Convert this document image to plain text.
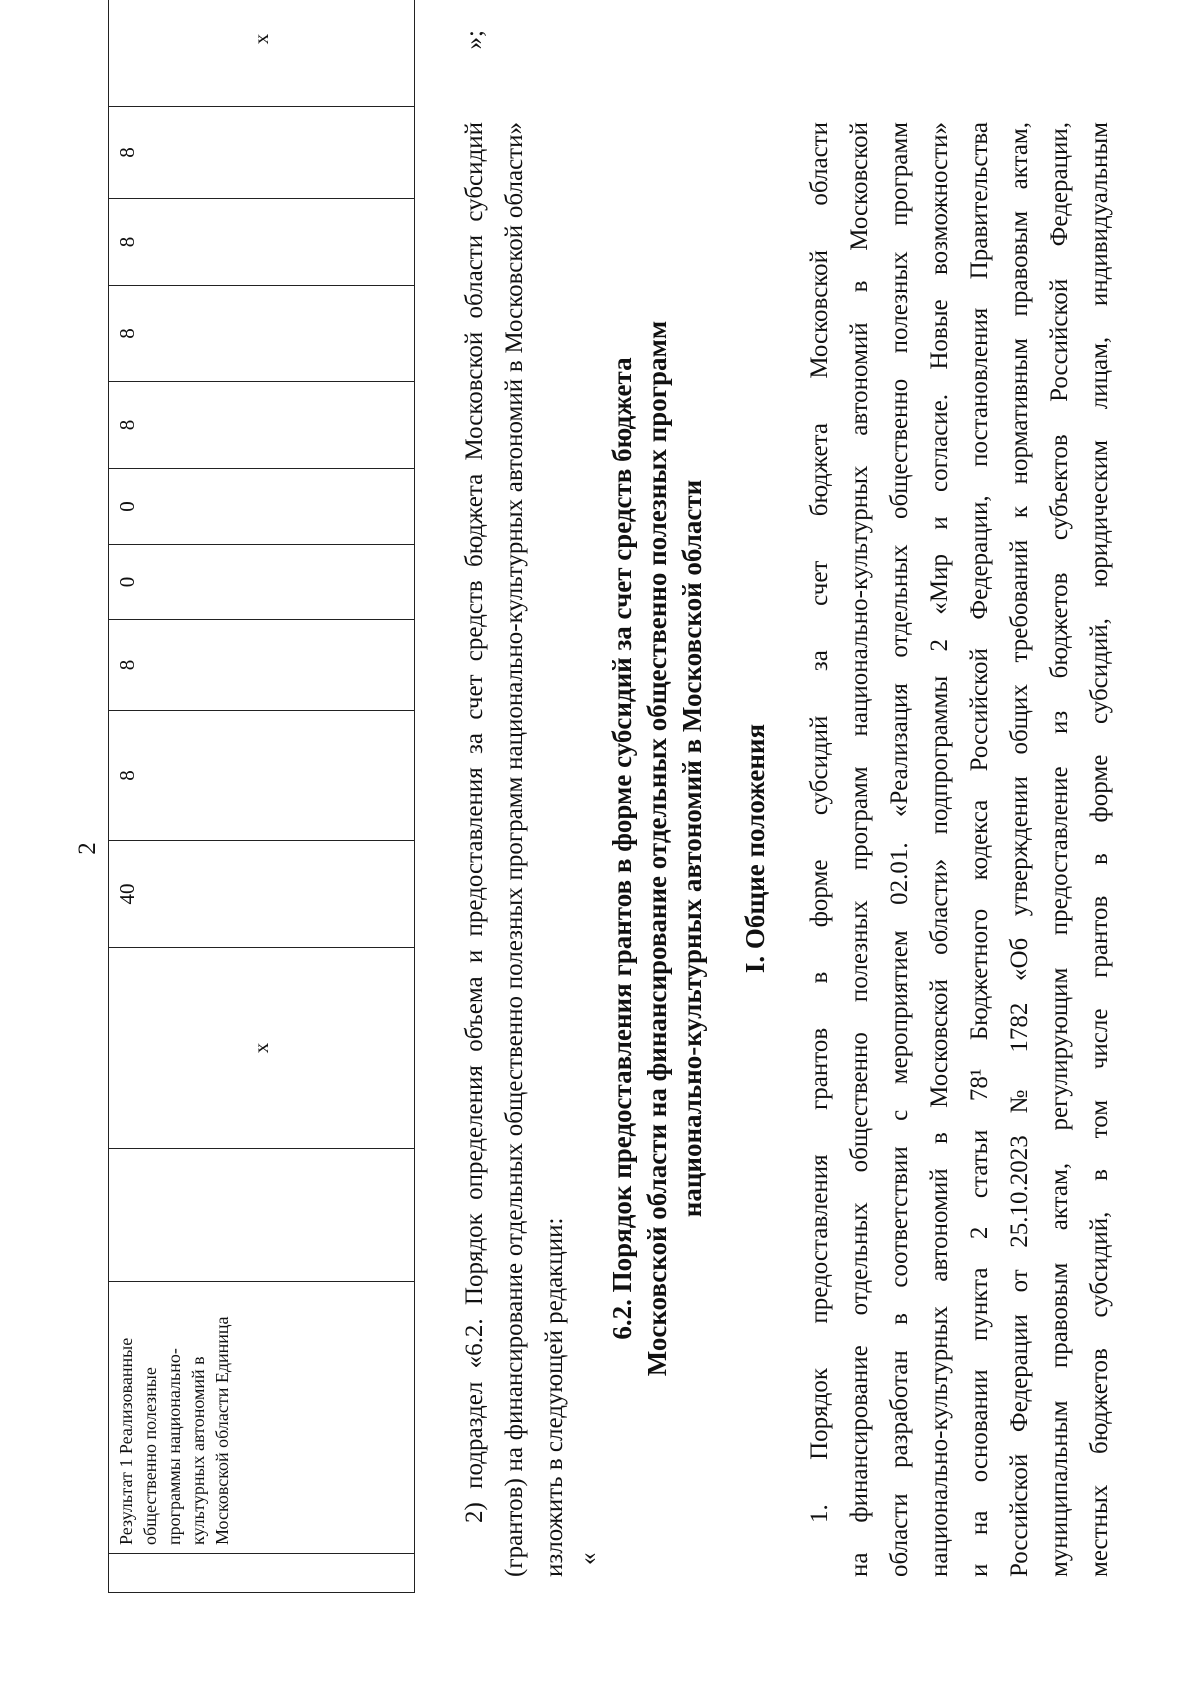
2
	Результат 1 Реализованные общественно полезные программы национально-культурных автономий в Московской области Единица		x	40	8	8	0	0	8	8	8	8	x
2) подраздел «6.2. Порядок определения объема и предоставления за счет средств бюджета Московской области субсидий (грантов) на финансирование отдельных общественно полезных программ национально-культурных автономий в Московской области» изложить в следующей редакции:
»;
«
6.2. Порядок предоставления грантов в форме субсидий за счет средств бюджета Московской области на финансирование отдельных общественно полезных программ национально-культурных автономий в Московской области I. Общие положения 1. Порядок предоставления грантов в форме субсидий за счет бюджета Московской области на финансирование отдельных общественно полезных программ национально-культурных автономий в Московской области разработан в соответствии с мероприятием 02.01. «Реализация отдельных общественно полезных программ национально-культурных автономий в Московской области» подпрограммы 2 «Мир и согласие. Новые возможности» и на основании пункта 2 статьи 78¹ Бюджетного кодекса Российской Федерации, постановления Правительства Российской Федерации от 25.10.2023 № 1782 «Об утверждении общих требований к нормативным правовым актам, муниципальным правовым актам, регулирующим предоставление из бюджетов субъектов Российской Федерации, местных бюджетов субсидий, в том числе грантов в форме субсидий, юридическим лицам, индивидуальным
